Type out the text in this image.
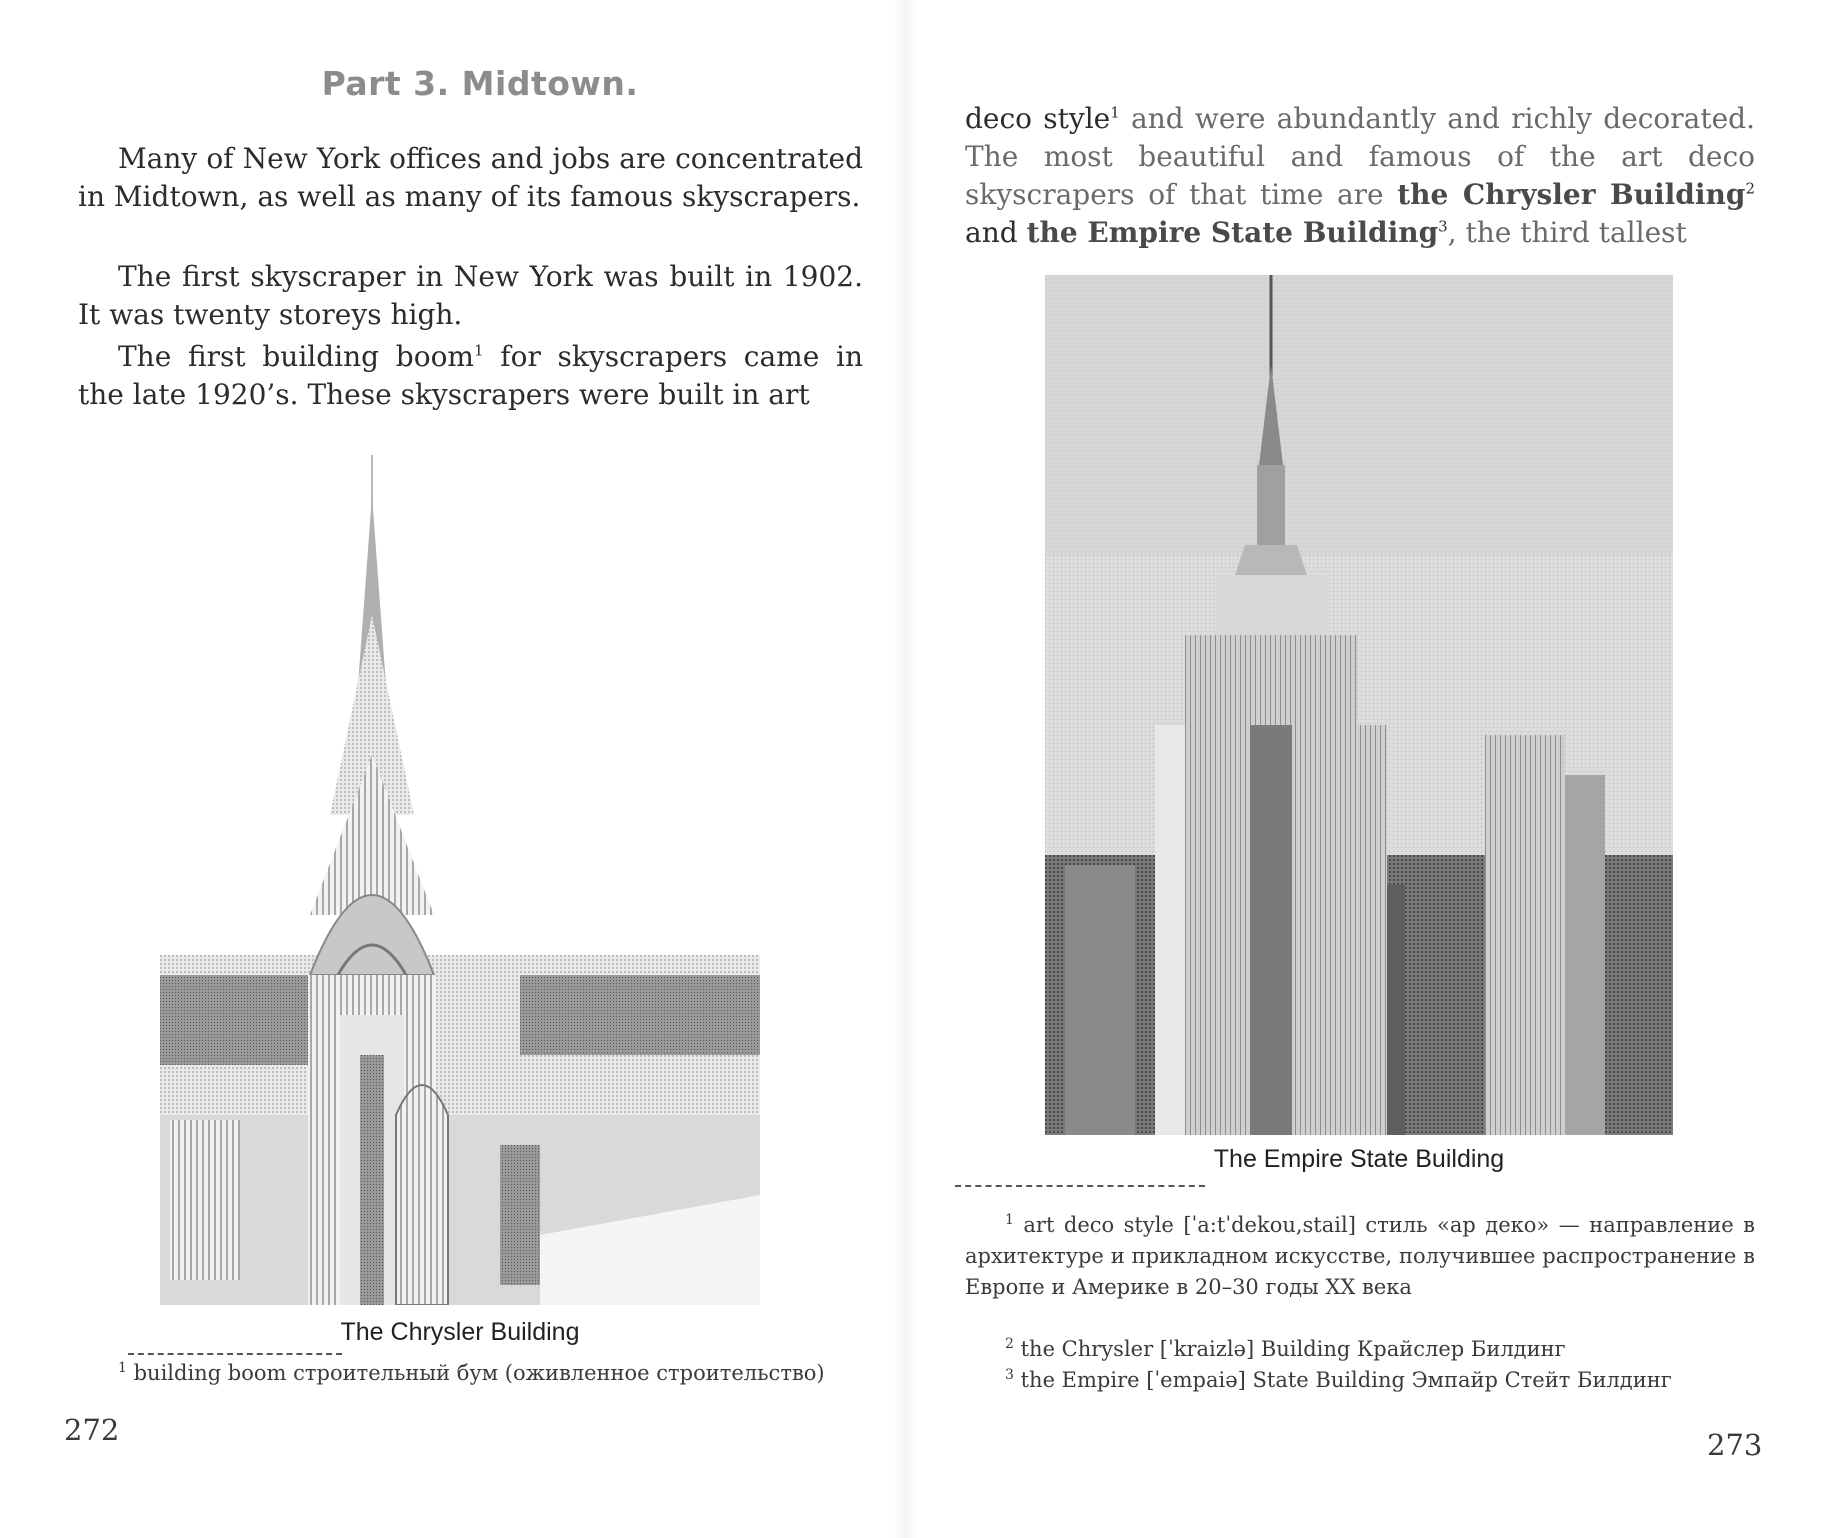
Part 3. Midtown.

Many of New York offices and jobs are concentrated in Midtown, as well as many of its famous skyscrapers.

The first skyscraper in New York was built in 1902. It was twenty storeys high.

The first building boom$^1$ for skyscrapers came in the late 1920’s. These skyscrapers were built in art

The Chrysler Building

$^1$ building boom строительный бум (оживленное строительство)

272

deco style$^1$ and were abundantly and richly decorated. The most beautiful and famous of the art deco skyscrapers of that time are the Chrysler Building$^2$ and the Empire State Building$^3$, the third tallest

The Empire State Building

$^1$ art deco style [ˈa:tˈdekou,stail] стиль «ар деко» — направление в архитектуре и прикладном искусстве, получившее распространение в Европе и Америке в 20–30 годы XX века

$^2$ the Chrysler [ˈkraizlə] Building Крайслер Билдинг

$^3$ the Empire [ˈempaiə] State Building Эмпайр Стейт Билдинг

273
